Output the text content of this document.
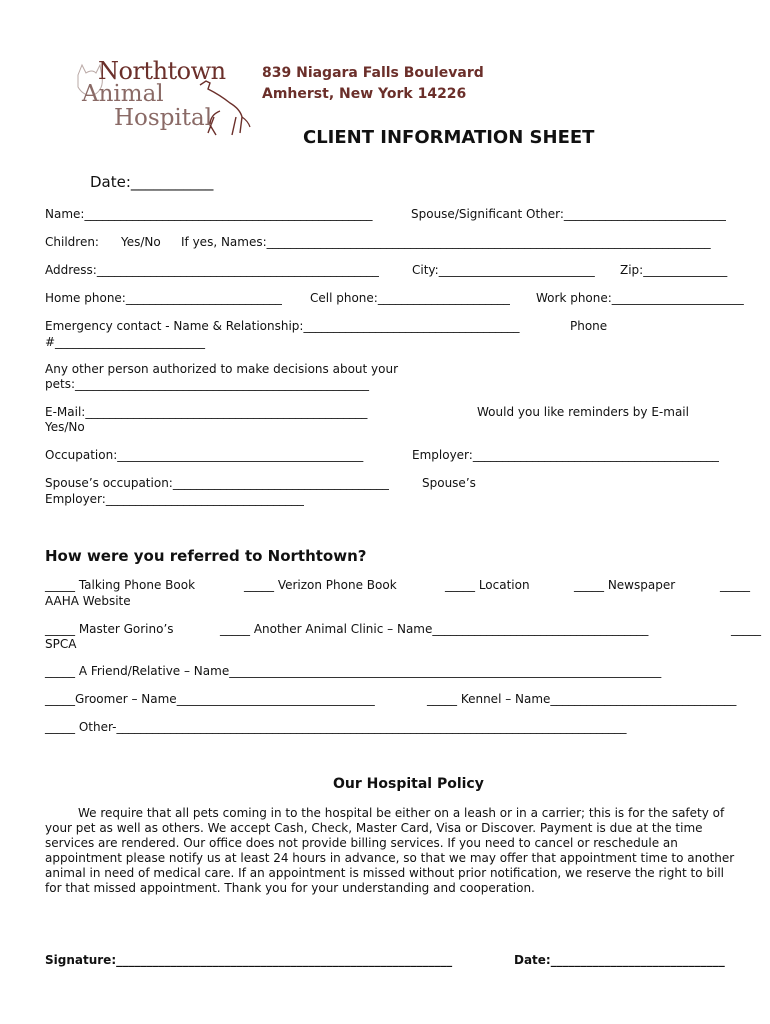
Northtown
Animal
Hospital
839 Niagara Falls Boulevard
Amherst, New York 14226
CLIENT INFORMATION SHEET
Date:___________
Name:________________________________________________	Spouse/Significant Other:___________________________
Children: Yes/No If yes, Names:__________________________________________________________________________
Address:_______________________________________________	City:__________________________ Zip:______________
Home phone:__________________________ Cell phone:______________________ Work phone:______________________
Emergency contact - Name & Relationship:____________________________________	Phone
#_________________________
Any other person authorized to make decisions about your
pets:_________________________________________________
E-Mail:_______________________________________________	Would you like reminders by E-mail
Yes/No
Occupation:_________________________________________	Employer:_________________________________________
Spouse’s occupation:____________________________________	Spouse’s
Employer:_________________________________
How were you referred to Northtown?
_____ Talking Phone Book	_____ Verizon Phone Book	_____ Location	_____ Newspaper	_____
AAHA Website
_____ Master Gorino’s	_____ Another Animal Clinic – Name____________________________________	_____
SPCA
_____ A Friend/Relative – Name________________________________________________________________________
_____Groomer – Name_________________________________	_____ Kennel – Name_______________________________
_____ Other-_____________________________________________________________________________________
Our Hospital Policy
We require that all pets coming in to the hospital be either on a leash or in a carrier; this is for the safety of your pet as well as others. We accept Cash, Check, Master Card, Visa or Discover. Payment is due at the time services are rendered. Our office does not provide billing services. If you need to cancel or reschedule an appointment please notify us at least 24 hours in advance, so that we may offer that appointment time to another animal in need of medical care. If an appointment is missed without prior notification, we reserve the right to bill for that missed appointment. Thank you for your understanding and cooperation.
Signature:________________________________________________________	Date:_____________________________
